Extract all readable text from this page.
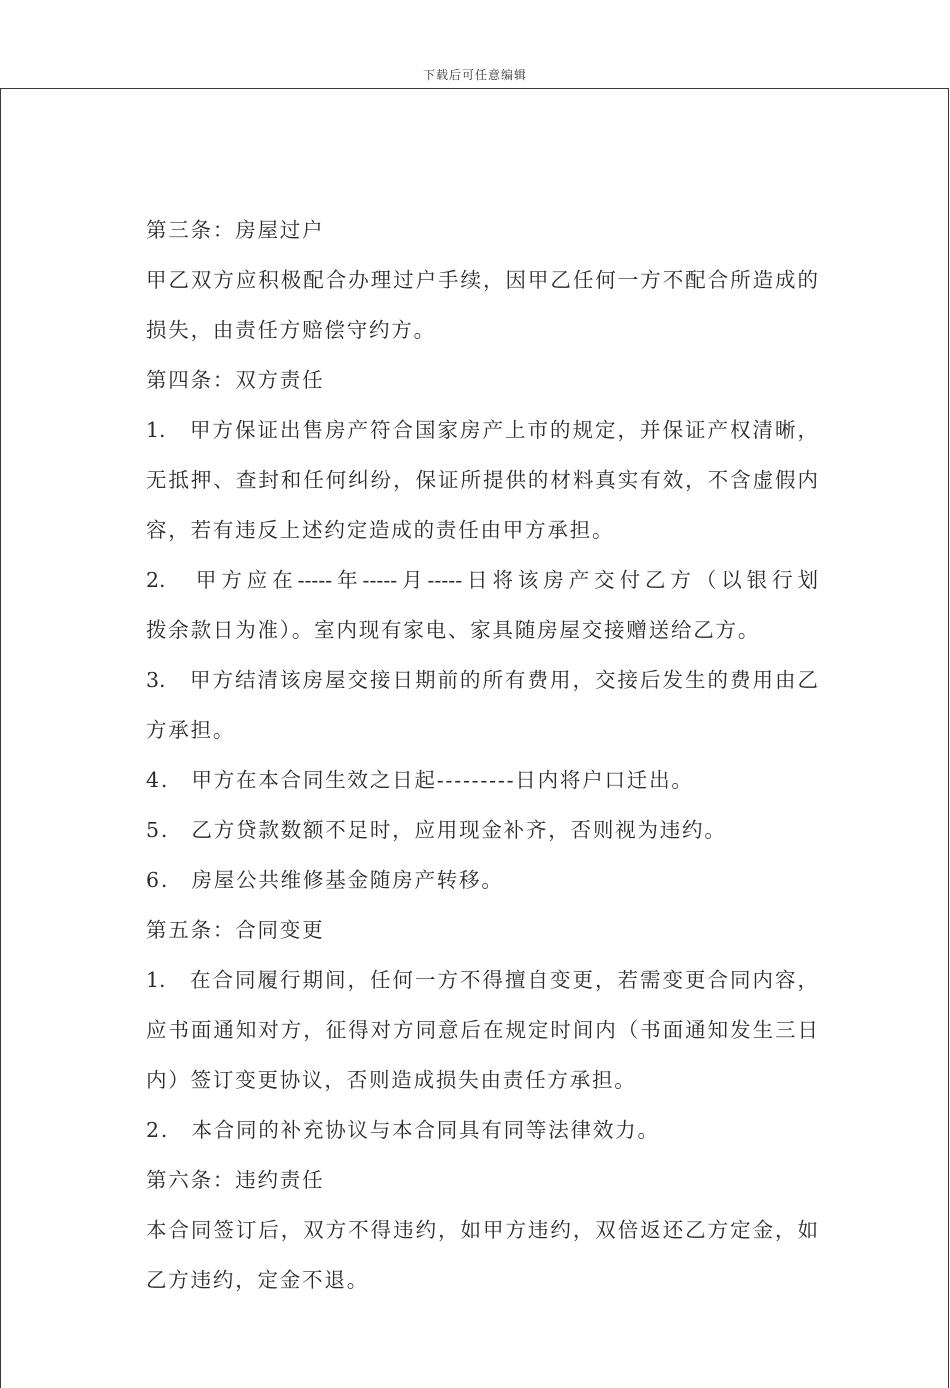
下载后可任意编辑
第三条：房屋过户
甲乙双方应积极配合办理过户手续，因甲乙任何一方不配合所造成的
损失，由责任方赔偿守约方。
第四条：双方责任
1.　甲方保证出售房产符合国家房产上市的规定，并保证产权清晰，
无抵押、查封和任何纠纷，保证所提供的材料真实有效，不含虚假内
容，若有违反上述约定造成的责任由甲方承担。
2.　甲方应在-----年-----月-----日将该房产交付乙方（以银行划
拨余款日为准）。室内现有家电、家具随房屋交接赠送给乙方。
3.　甲方结清该房屋交接日期前的所有费用，交接后发生的费用由乙
方承担。
4.　甲方在本合同生效之日起---------日内将户口迁出。
5.　乙方贷款数额不足时，应用现金补齐，否则视为违约。
6.　房屋公共维修基金随房产转移。
第五条：合同变更
1.　在合同履行期间，任何一方不得擅自变更，若需变更合同内容，
应书面通知对方，征得对方同意后在规定时间内（书面通知发生三日
内）签订变更协议，否则造成损失由责任方承担。
2.　本合同的补充协议与本合同具有同等法律效力。
第六条：违约责任
本合同签订后，双方不得违约，如甲方违约，双倍返还乙方定金，如
乙方违约，定金不退。
